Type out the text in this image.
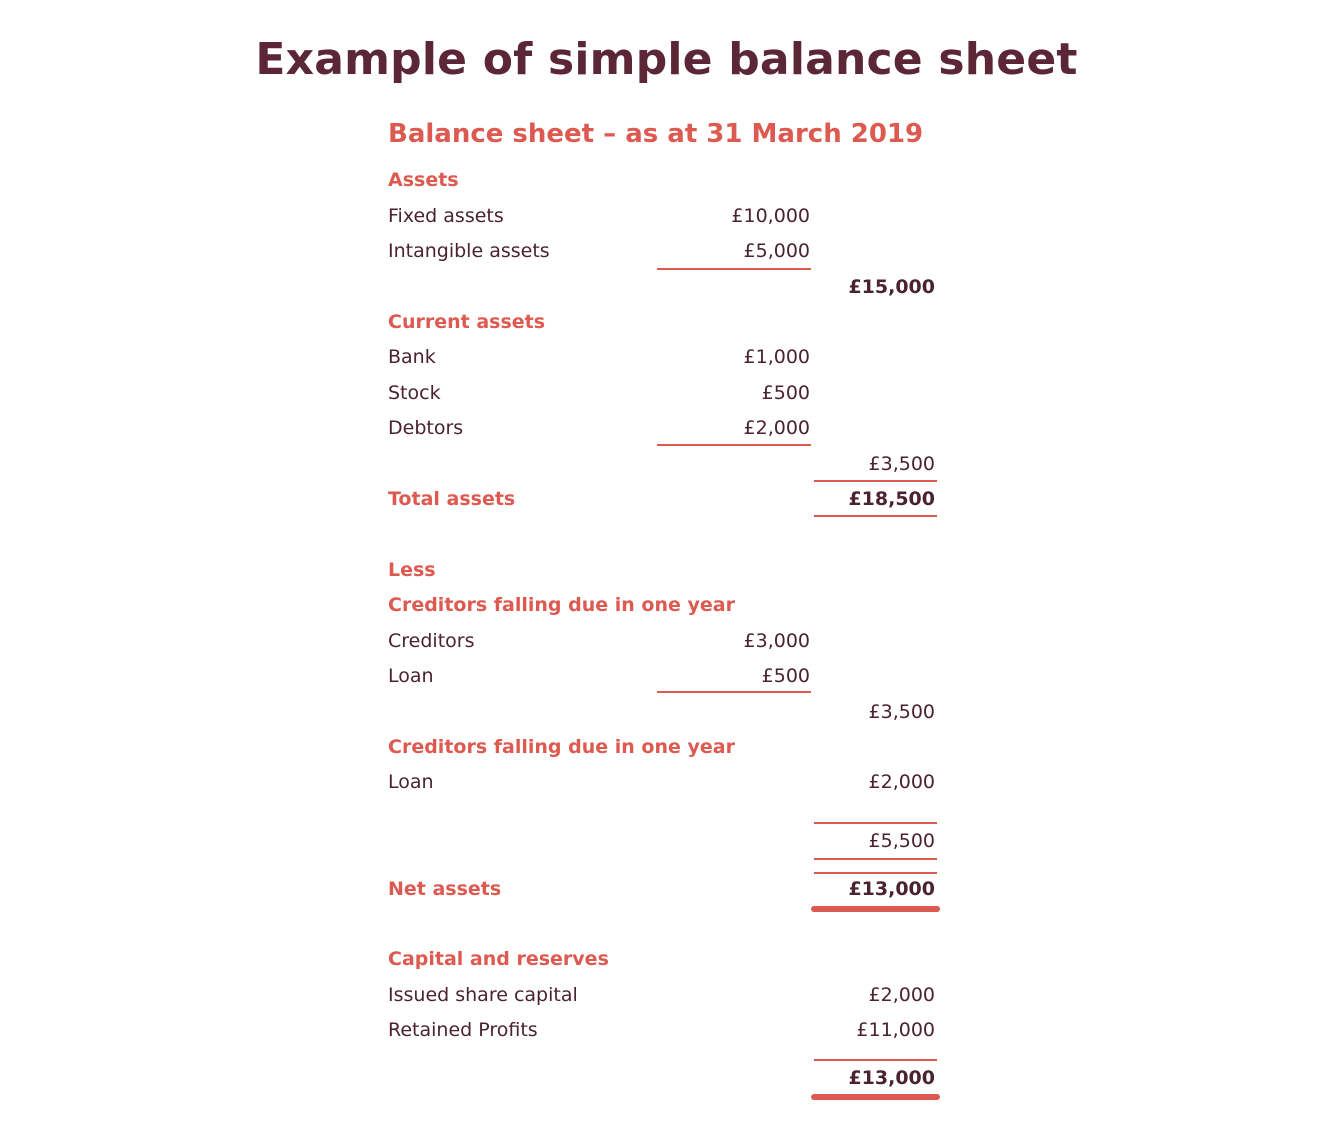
Example of simple balance sheet
Balance sheet – as at 31 March 2019
Assets
Fixed assets	£10,000
Intangible assets	£5,000
£15,000
Current assets
Bank	£1,000
Stock	£500
Debtors	£2,000
£3,500
Total assets	£18,500
Less
Creditors falling due in one year
Creditors	£3,000
Loan	£500
£3,500
Creditors falling due in one year
Loan	£2,000
£5,500
Net assets	£13,000
Capital and reserves
Issued share capital	£2,000
Retained Profits	£11,000
£13,000
